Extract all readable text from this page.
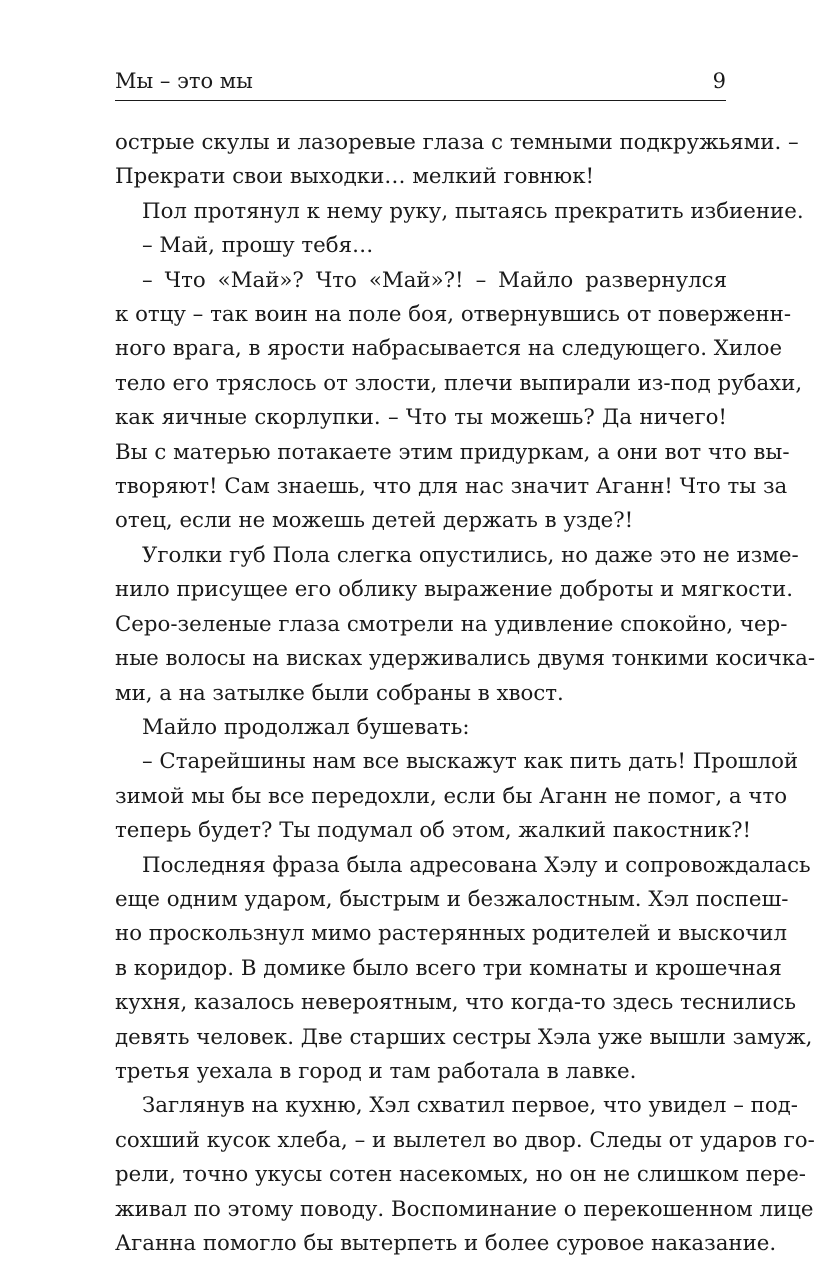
Мы – это мы	9
острые скулы и лазоревые глаза с темными подкружьями. –
Прекрати свои выходки… мелкий говнюк!
Пол протянул к нему руку, пытаясь прекратить избиение.
– Май, прошу тебя…
– Что «Май»? Что «Май»?! – Майло развернулся
к отцу – так воин на поле боя, отвернувшись от поверженн-
ного врага, в ярости набрасывается на следующего. Хилое
тело его тряслось от злости, плечи выпирали из-под рубахи,
как яичные скорлупки. – Что ты можешь? Да ничего!
Вы с матерью потакаете этим придуркам, а они вот что вы-
творяют! Сам знаешь, что для нас значит Аганн! Что ты за
отец, если не можешь детей держать в узде?!
Уголки губ Пола слегка опустились, но даже это не изме-
нило присущее его облику выражение доброты и мягкости.
Серо-зеленые глаза смотрели на удивление спокойно, чер-
ные волосы на висках удерживались двумя тонкими косичка-
ми, а на затылке были собраны в хвост.
Майло продолжал бушевать:
– Старейшины нам все выскажут как пить дать! Прошлой
зимой мы бы все передохли, если бы Аганн не помог, а что
теперь будет? Ты подумал об этом, жалкий пакостник?!
Последняя фраза была адресована Хэлу и сопровождалась
еще одним ударом, быстрым и безжалостным. Хэл поспеш-
но проскользнул мимо растерянных родителей и выскочил
в коридор. В домике было всего три комнаты и крошечная
кухня, казалось невероятным, что когда-то здесь теснились
девять человек. Две старших сестры Хэла уже вышли замуж,
третья уехала в город и там работала в лавке.
Заглянув на кухню, Хэл схватил первое, что увидел – под-
сохший кусок хлеба, – и вылетел во двор. Следы от ударов го-
рели, точно укусы сотен насекомых, но он не слишком пере-
живал по этому поводу. Воспоминание о перекошенном лице
Аганна помогло бы вытерпеть и более суровое наказание.
